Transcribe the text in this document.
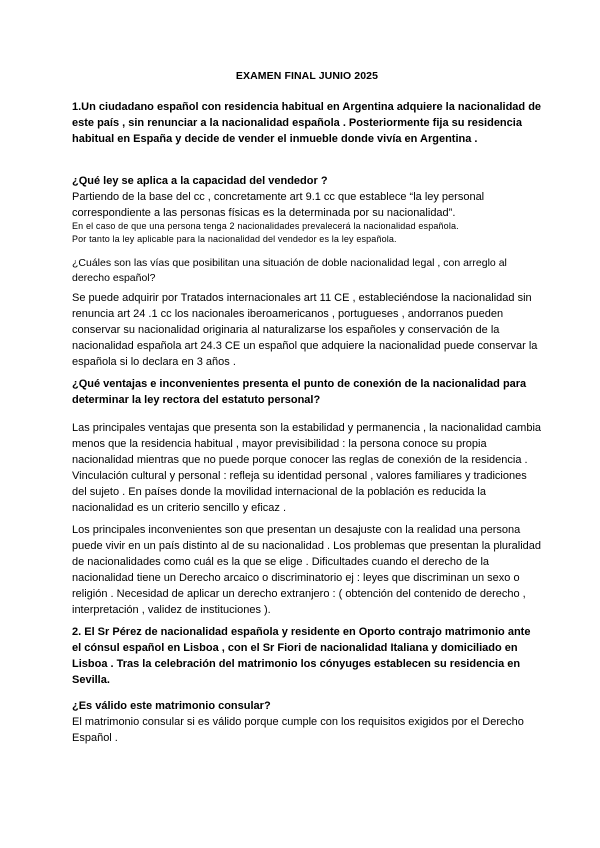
EXAMEN FINAL JUNIO 2025

1.Un ciudadano español con residencia habitual en Argentina adquiere la nacionalidad de este país , sin renunciar a la nacionalidad española . Posteriormente fija su residencia habitual en España y decide de vender el inmueble donde vivía en Argentina .

¿Qué ley se aplica a la capacidad del vendedor ?

Partiendo de la base del cc , concretamente art 9.1 cc que establece “la ley personal correspondiente a las personas físicas es la determinada por su nacionalidad”.

En el caso de que una persona tenga 2 nacionalidades prevalecerá la nacionalidad española.

Por tanto la ley aplicable para la nacionalidad del vendedor es la ley española.

¿Cuáles son las vías que posibilitan una situación de doble nacionalidad legal , con arreglo al derecho español?

Se puede adquirir por Tratados internacionales art 11 CE , estableciéndose la nacionalidad sin renuncia art 24 .1 cc los nacionales iberoamericanos , portugueses , andorranos pueden conservar su nacionalidad originaria al naturalizarse los españoles y conservación de la nacionalidad española art 24.3 CE un español que adquiere la nacionalidad puede conservar la española si lo declara en 3 años .

¿Qué ventajas e inconvenientes presenta el punto de conexión de la nacionalidad para determinar la ley rectora del estatuto personal?

Las principales ventajas que presenta son la estabilidad y permanencia , la nacionalidad cambia menos que la residencia habitual , mayor previsibilidad : la persona conoce su propia nacionalidad mientras que no puede porque conocer las reglas de conexión de la residencia . Vinculación cultural y personal : refleja su identidad personal , valores familiares y tradiciones del sujeto . En países donde la movilidad internacional de la población es reducida la nacionalidad es un criterio sencillo y eficaz .

Los principales inconvenientes son que presentan un desajuste con la realidad una persona puede vivir en un país distinto al de su nacionalidad . Los problemas que presentan la pluralidad de nacionalidades como cuál es la que se elige . Dificultades cuando el derecho de la nacionalidad tiene un Derecho arcaico o discriminatorio ej : leyes que discriminan un sexo o religión . Necesidad de aplicar un derecho extranjero : ( obtención del contenido de derecho , interpretación , validez de instituciones ).

2. El Sr Pérez de nacionalidad española y residente en Oporto contrajo matrimonio ante el cónsul español en Lisboa , con el Sr Fiori de nacionalidad Italiana y domiciliado en Lisboa . Tras la celebración del matrimonio los cónyuges establecen su residencia en Sevilla.

¿Es válido este matrimonio consular?

El matrimonio consular si es válido porque cumple con los requisitos exigidos por el Derecho Español .
